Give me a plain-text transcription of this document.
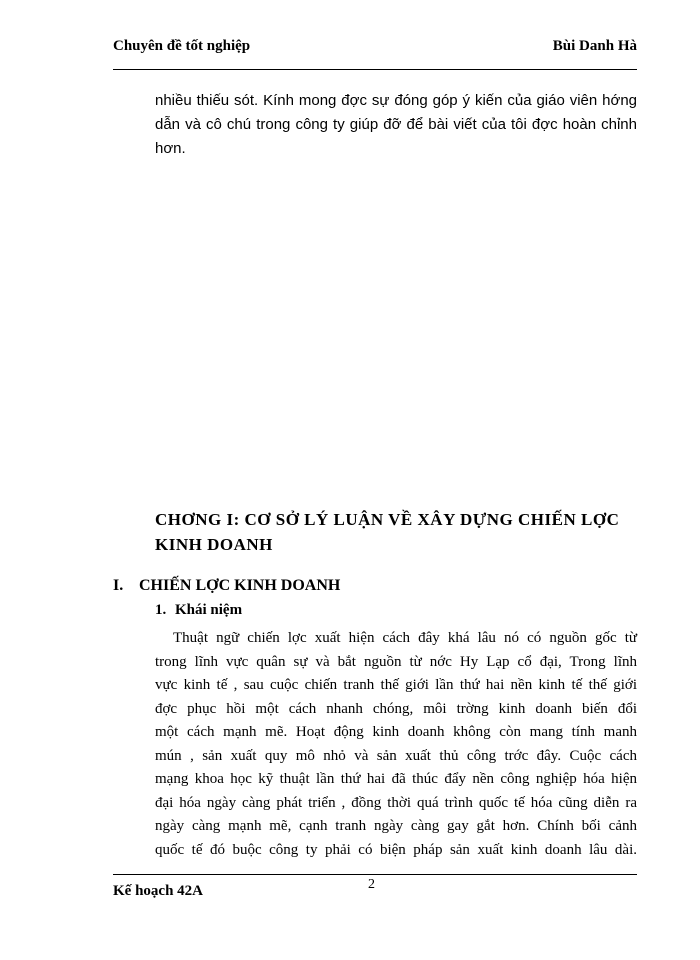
Chuyên đề tốt nghiệp	Bùi Danh Hà
nhiều thiếu sót. Kính mong đợc sự đóng góp ý kiến của giáo viên hớng
dẫn và cô chú trong công ty giúp đỡ để bài viết của tôi đợc hoàn chỉnh
hơn.
CHƠNG I: CƠ SỞ LÝ LUẬN VỀ XÂY DỰNG CHIẾN LỢC KINH DOANH
I. CHIẾN LỢC KINH DOANH
1. Khái niệm
Thuật ngữ chiến lợc xuất hiện cách đây khá lâu nó có nguồn gốc từ
trong lĩnh vực quân sự và bắt nguồn từ nớc Hy Lạp cổ đại, Trong lĩnh
vực kinh tế , sau cuộc chiến tranh thế giới lần thứ hai nền kinh tế thế giới
đợc phục hồi một cách nhanh chóng, môi trờng kinh doanh biến đổi
một cách mạnh mẽ. Hoạt động kinh doanh không còn mang tính manh
mún , sản xuất quy mô nhỏ và sản xuất thủ công trớc đây. Cuộc cách
mạng khoa học kỹ thuật lần thứ hai đã thúc đẩy nền công nghiệp hóa hiện
đại hóa ngày càng phát triển , đồng thời quá trình quốc tế hóa cũng diễn ra
ngày càng mạnh mẽ, cạnh tranh ngày càng gay gắt hơn. Chính bối cảnh
quốc tế đó buộc công ty phải có biện pháp sản xuất kinh doanh lâu dài.
Kế hoạch 42A	2
